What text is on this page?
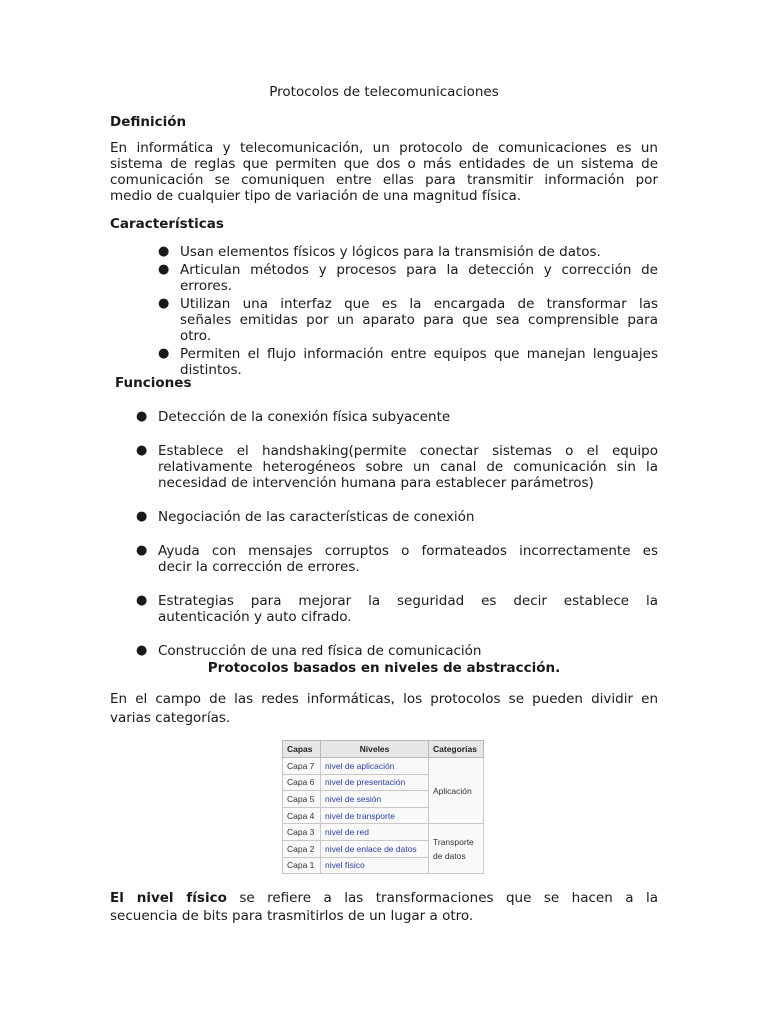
Protocolos de telecomunicaciones
Definición
En informática y telecomunicación, un protocolo de comunicaciones es un
sistema de reglas que permiten que dos o más entidades de un sistema de
comunicación se comuniquen entre ellas para transmitir información por
medio de cualquier tipo de variación de una magnitud física.
Características
● Usan elementos físicos y lógicos para la transmisión de datos.
● Articulan métodos y procesos para la detección y corrección de
errores.
● Utilizan una interfaz que es la encargada de transformar las
señales emitidas por un aparato para que sea comprensible para
otro.
● Permiten el flujo información entre equipos que manejan lenguajes
distintos.
Funciones
● Detección de la conexión física subyacente
● Establece el handshaking(permite conectar sistemas o el equipo
relativamente heterogéneos sobre un canal de comunicación sin la
necesidad de intervención humana para establecer parámetros)
● Negociación de las características de conexión
● Ayuda con mensajes corruptos o formateados incorrectamente es
decir la corrección de errores.
● Estrategias para mejorar la seguridad es decir establece la
autenticación y auto cifrado.
● Construcción de una red física de comunicación
Protocolos basados en niveles de abstracción.
En el campo de las redes informáticas, los protocolos se pueden dividir en
varias categorías.
Capas	Niveles	Categorías
Capa 7	nivel de aplicación	Aplicación
Capa 6	nivel de presentación	
Capa 5	nivel de sesión	
Capa 4	nivel de transporte	
Capa 3	nivel de red	Transporte
de datos

Capa 2	nivel de enlace de datos	
Capa 1	nivel físico	
El nivel físico se refiere a las transformaciones que se hacen a la
secuencia de bits para trasmitirlos de un lugar a otro.
